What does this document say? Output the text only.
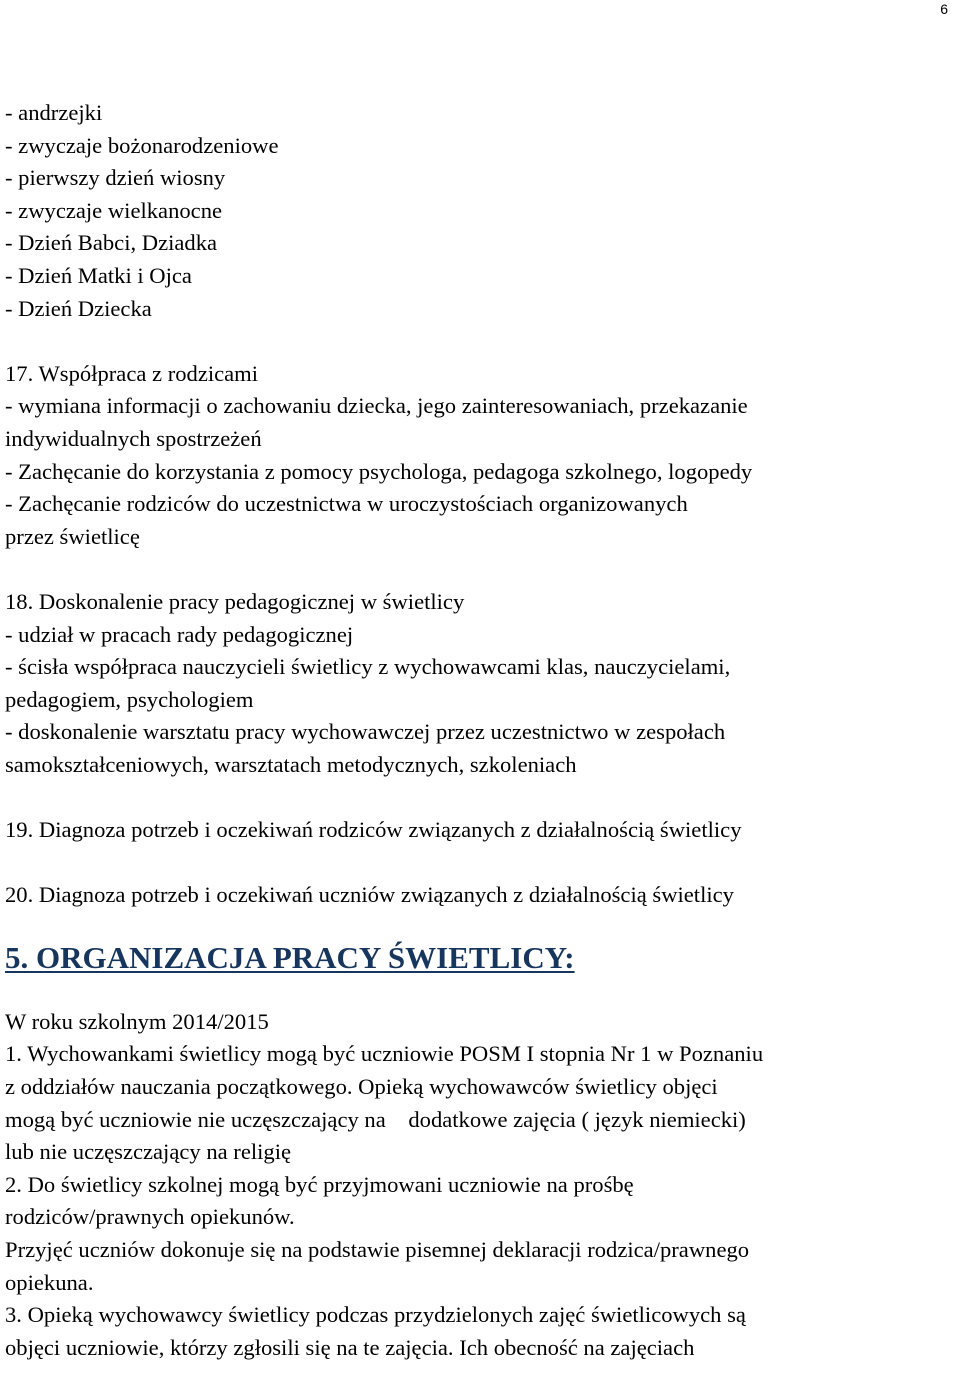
6
- andrzejki
- zwyczaje bożonarodzeniowe
- pierwszy dzień wiosny
- zwyczaje wielkanocne
- Dzień Babci, Dziadka
- Dzień Matki i Ojca
- Dzień Dziecka
17. Współpraca z rodzicami
- wymiana informacji o zachowaniu dziecka, jego zainteresowaniach, przekazanie
indywidualnych spostrzeżeń
- Zachęcanie do korzystania z pomocy psychologa, pedagoga szkolnego, logopedy
- Zachęcanie rodziców do uczestnictwa w uroczystościach organizowanych
przez świetlicę
18. Doskonalenie pracy pedagogicznej w świetlicy
- udział w pracach rady pedagogicznej
- ścisła współpraca nauczycieli świetlicy z wychowawcami klas, nauczycielami,
pedagogiem, psychologiem
- doskonalenie warsztatu pracy wychowawczej przez uczestnictwo w zespołach
samokształceniowych, warsztatach metodycznych, szkoleniach
19. Diagnoza potrzeb i oczekiwań rodziców związanych z działalnością świetlicy
20. Diagnoza potrzeb i oczekiwań uczniów związanych z działalnością świetlicy
5. ORGANIZACJA PRACY ŚWIETLICY:
W roku szkolnym 2014/2015
1. Wychowankami świetlicy mogą być uczniowie POSM I stopnia Nr 1 w Poznaniu
z oddziałów nauczania początkowego. Opieką wychowawców świetlicy objęci
mogą być uczniowie nie uczęszczający na    dodatkowe zajęcia ( język niemiecki)
lub nie uczęszczający na religię
2. Do świetlicy szkolnej mogą być przyjmowani uczniowie na prośbę
rodziców/prawnych opiekunów.
Przyjęć uczniów dokonuje się na podstawie pisemnej deklaracji rodzica/prawnego
opiekuna.
3. Opieką wychowawcy świetlicy podczas przydzielonych zajęć świetlicowych są
objęci uczniowie, którzy zgłosili się na te zajęcia. Ich obecność na zajęciach
